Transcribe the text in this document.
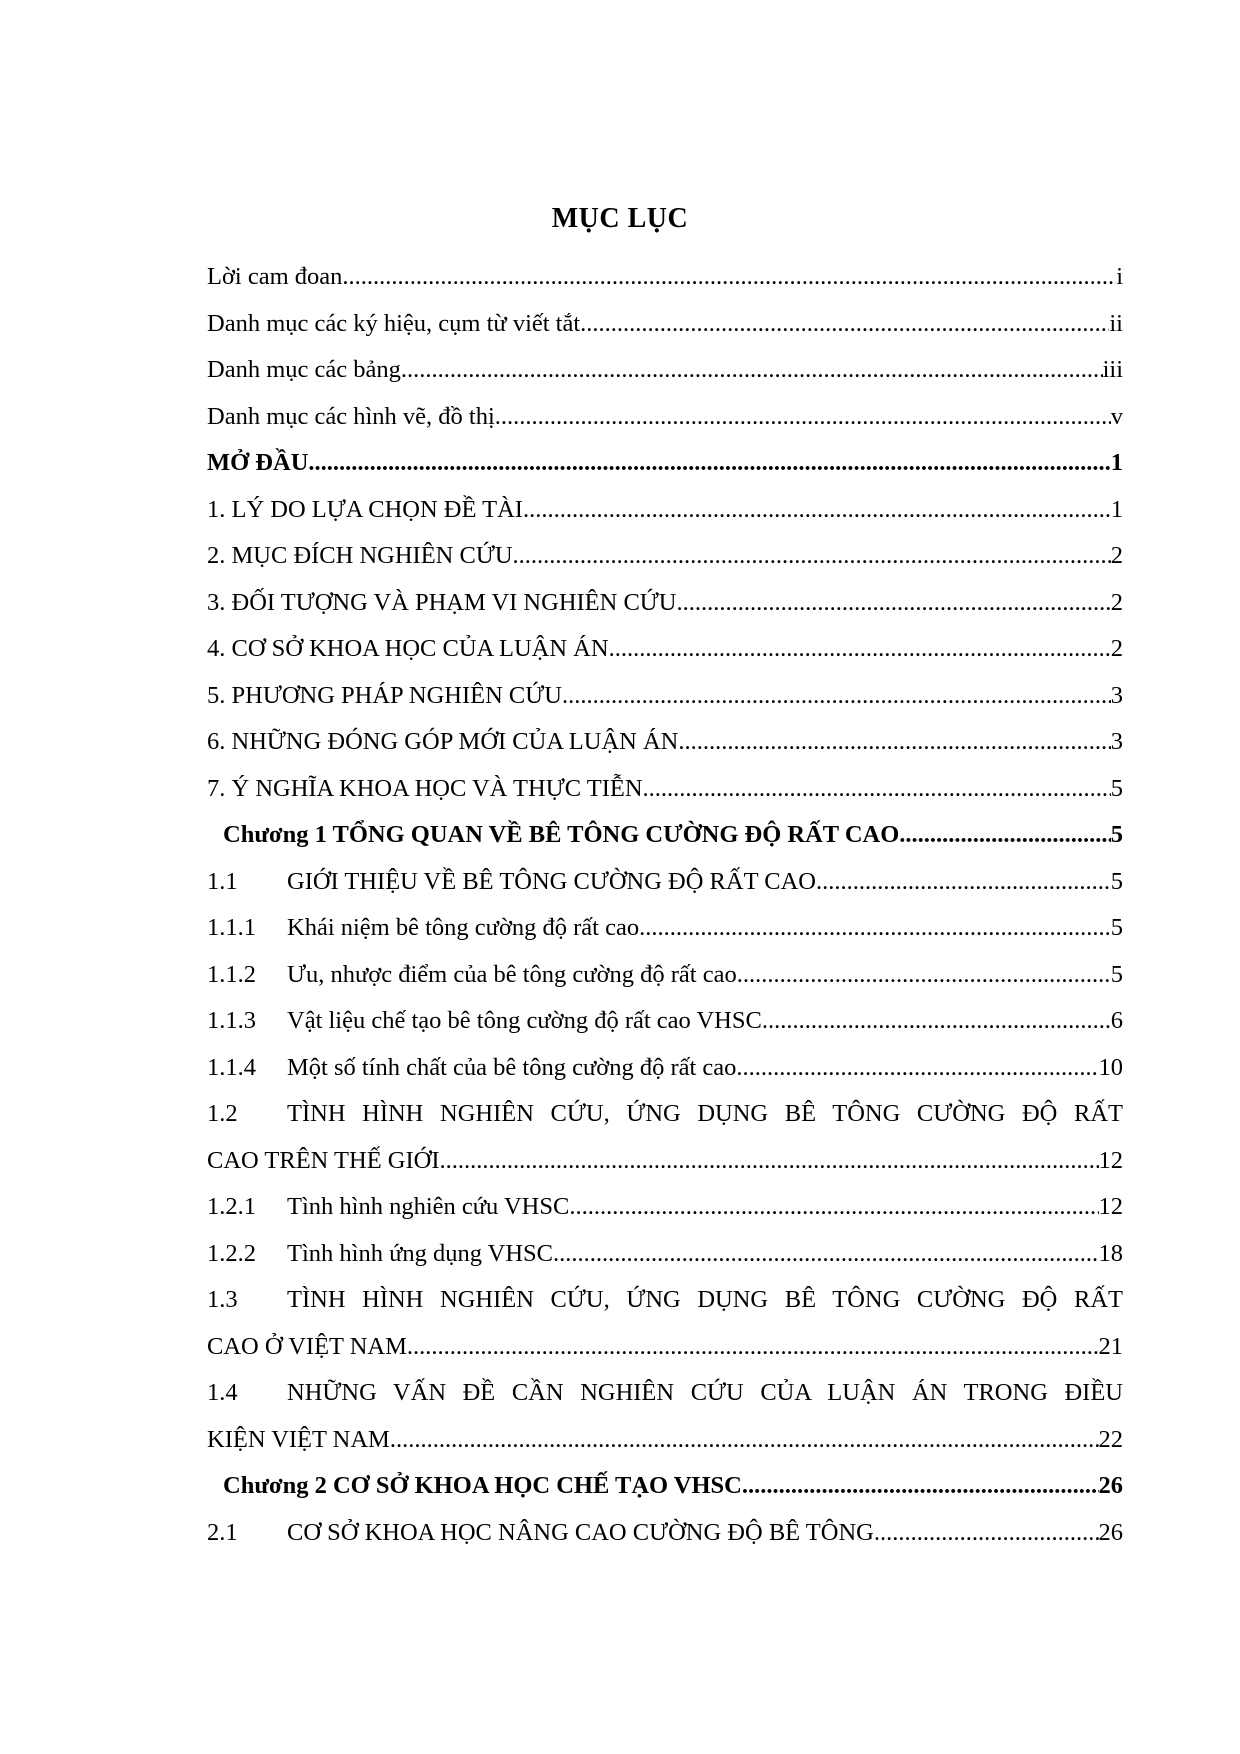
MỤC LỤC
Lời cam đoan .....	i
Danh mục các ký hiệu, cụm từ viết tắt .....	ii
Danh mục các bảng .....	iii
Danh mục các hình vẽ, đồ thị .....	v
MỞ ĐẦU .....	1
1. LÝ DO LỰA CHỌN ĐỀ TÀI .....	1
2. MỤC ĐÍCH NGHIÊN CỨU .....	2
3. ĐỐI TƯỢNG VÀ PHẠM VI NGHIÊN CỨU .....	2
4. CƠ SỞ KHOA HỌC CỦA LUẬN ÁN .....	2
5. PHƯƠNG PHÁP NGHIÊN CỨU .....	3
6. NHỮNG ĐÓNG GÓP MỚI CỦA LUẬN ÁN .....	3
7. Ý NGHĨA KHOA HỌC VÀ THỰC TIỄN .....	5
Chương 1 TỔNG QUAN VỀ BÊ TÔNG CƯỜNG ĐỘ RẤT CAO .....	5
1.1	GIỚI THIỆU VỀ BÊ TÔNG CƯỜNG ĐỘ RẤT CAO .....	5
1.1.1	Khái niệm bê tông cường độ rất cao .....	5
1.1.2	Ưu, nhược điểm của bê tông cường độ rất cao .....	5
1.1.3	Vật liệu chế tạo bê tông cường độ rất cao VHSC .....	6
1.1.4	Một số tính chất của bê tông cường độ rất cao. .....	10
1.2	TÌNH HÌNH NGHIÊN CỨU, ỨNG DỤNG BÊ TÔNG CƯỜNG ĐỘ RẤT
CAO TRÊN THẾ GIỚI .....	12
1.2.1	Tình hình nghiên cứu VHSC .....	12
1.2.2	Tình hình ứng dụng VHSC .....	18
1.3	TÌNH HÌNH NGHIÊN CỨU, ỨNG DỤNG BÊ TÔNG CƯỜNG ĐỘ RẤT
CAO Ở VIỆT NAM .....	21
1.4	NHỮNG VẤN ĐỀ CẦN NGHIÊN CỨU CỦA LUẬN ÁN TRONG ĐIỀU
KIỆN VIỆT NAM .....	22
Chương 2 CƠ SỞ KHOA HỌC CHẾ TẠO VHSC .....	26
2.1	CƠ SỞ KHOA HỌC NÂNG CAO CƯỜNG ĐỘ BÊ TÔNG .....	26
